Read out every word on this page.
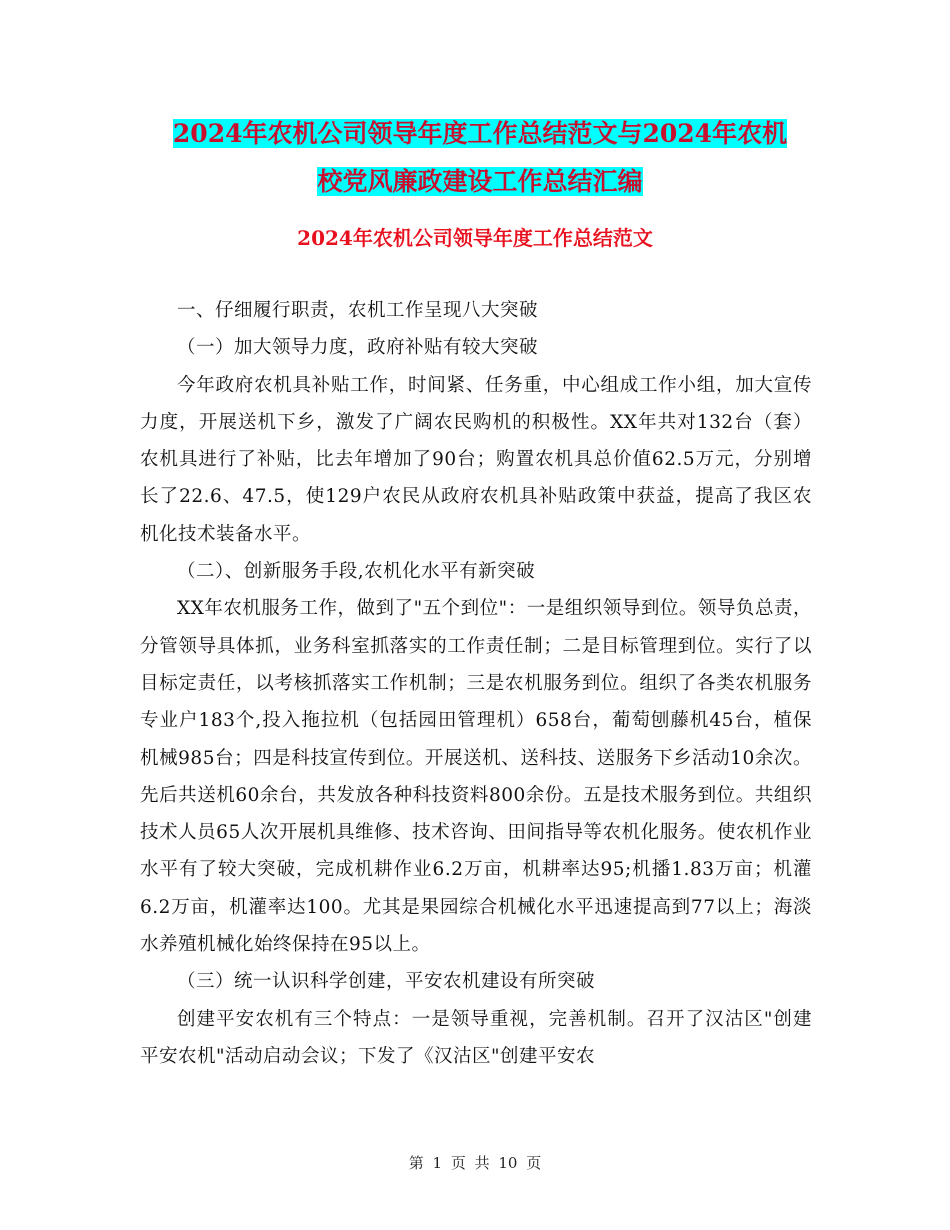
2024年农机公司领导年度工作总结范文与2024年农机
校党风廉政建设工作总结汇编
2024年农机公司领导年度工作总结范文

一、仔细履行职责，农机工作呈现八大突破

（一）加大领导力度，政府补贴有较大突破

今年政府农机具补贴工作，时间紧、任务重，中心组成工作小组，加大宣传力度，开展送机下乡，激发了广阔农民购机的积极性。XX年共对132台（套）农机具进行了补贴，比去年增加了90台；购置农机具总价值62.5万元，分别增长了22.6、47.5，使129户农民从政府农机具补贴政策中获益，提高了我区农机化技术装备水平。

（二）、创新服务手段,农机化水平有新突破

XX年农机服务工作，做到了"五个到位"：一是组织领导到位。领导负总责，分管领导具体抓，业务科室抓落实的工作责任制；二是目标管理到位。实行了以目标定责任，以考核抓落实工作机制；三是农机服务到位。组织了各类农机服务专业户183个,投入拖拉机（包括园田管理机）658台，葡萄刨藤机45台，植保机械985台；四是科技宣传到位。开展送机、送科技、送服务下乡活动10余次。先后共送机60余台，共发放各种科技资料800余份。五是技术服务到位。共组织技术人员65人次开展机具维修、技术咨询、田间指导等农机化服务。使农机作业水平有了较大突破，完成机耕作业6.2万亩，机耕率达95;机播1.83万亩；机灌6.2万亩，机灌率达100。尤其是果园综合机械化水平迅速提高到77以上；海淡水养殖机械化始终保持在95以上。

（三）统一认识科学创建，平安农机建设有所突破

创建平安农机有三个特点：一是领导重视，完善机制。召开了汉沽区"创建平安农机"活动启动会议；下发了《汉沽区"创建平安农

第 1 页 共 10 页
